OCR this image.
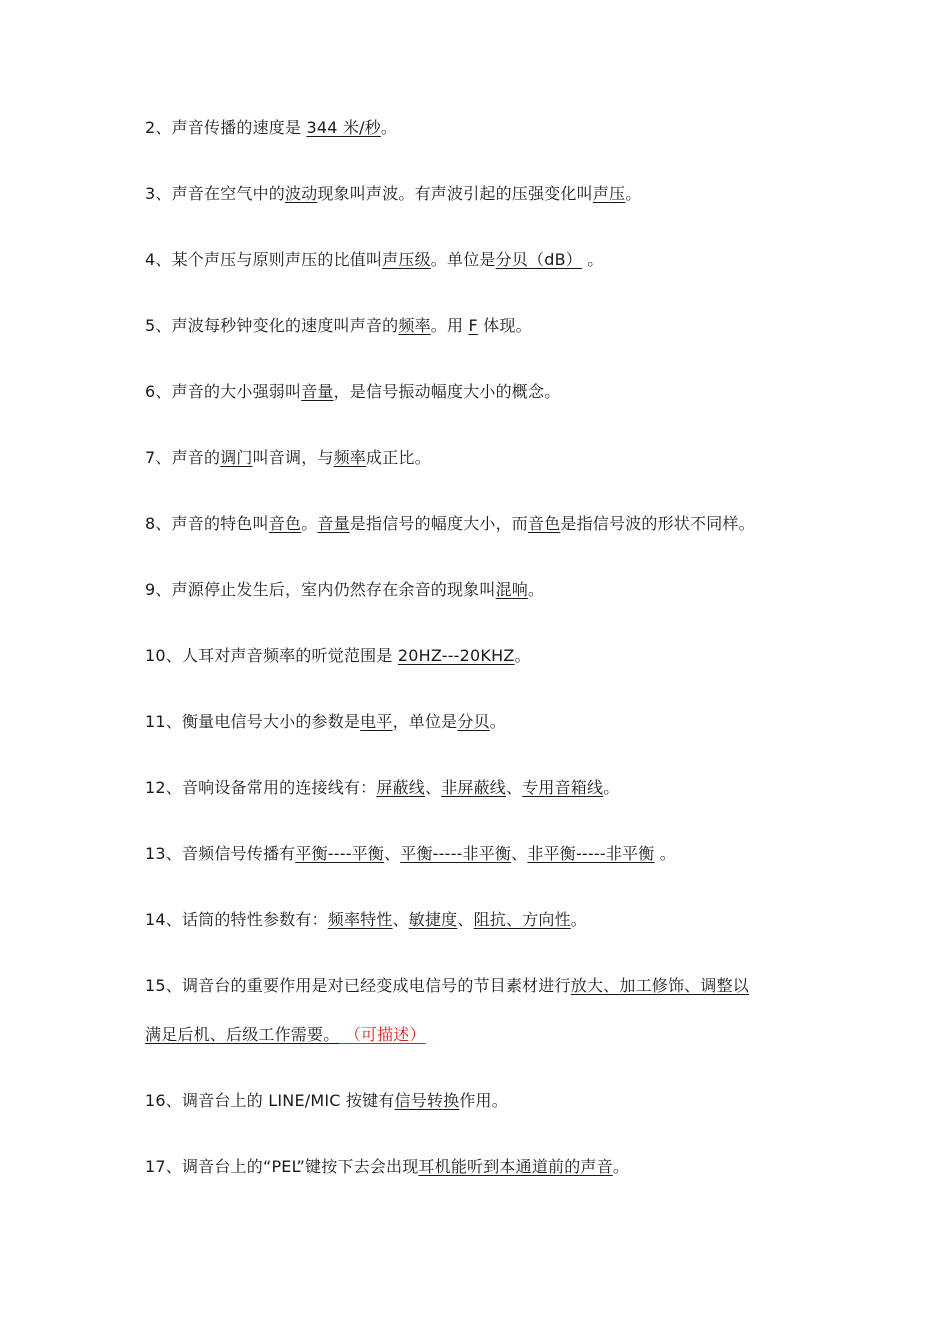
2、声音传播的速度是 344 米/秒。
3、声音在空气中的波动现象叫声波。有声波引起的压强变化叫声压。
4、某个声压与原则声压的比值叫声压级。单位是分贝（dB） 。
5、声波每秒钟变化的速度叫声音的频率。用 F 体现。
6、声音的大小强弱叫音量，是信号振动幅度大小的概念。
7、声音的调门叫音调，与频率成正比。
8、声音的特色叫音色。音量是指信号的幅度大小，而音色是指信号波的形状不同样。
9、声源停止发生后，室内仍然存在余音的现象叫混响。
10、人耳对声音频率的听觉范围是 20HZ---20KHZ。
11、衡量电信号大小的参数是电平，单位是分贝。
12、音响设备常用的连接线有：屏蔽线、非屏蔽线、专用音箱线。
13、音频信号传播有平衡----平衡、平衡-----非平衡、非平衡-----非平衡 。
14、话筒的特性参数有：频率特性、敏捷度、阻抗、方向性。
15、调音台的重要作用是对已经变成电信号的节目素材进行放大、加工修饰、调整以
满足后机、后级工作需要。 （可描述）
16、调音台上的 LINE/MIC 按键有信号转换作用。
17、调音台上的“PEL”键按下去会出现耳机能听到本通道前的声音。
